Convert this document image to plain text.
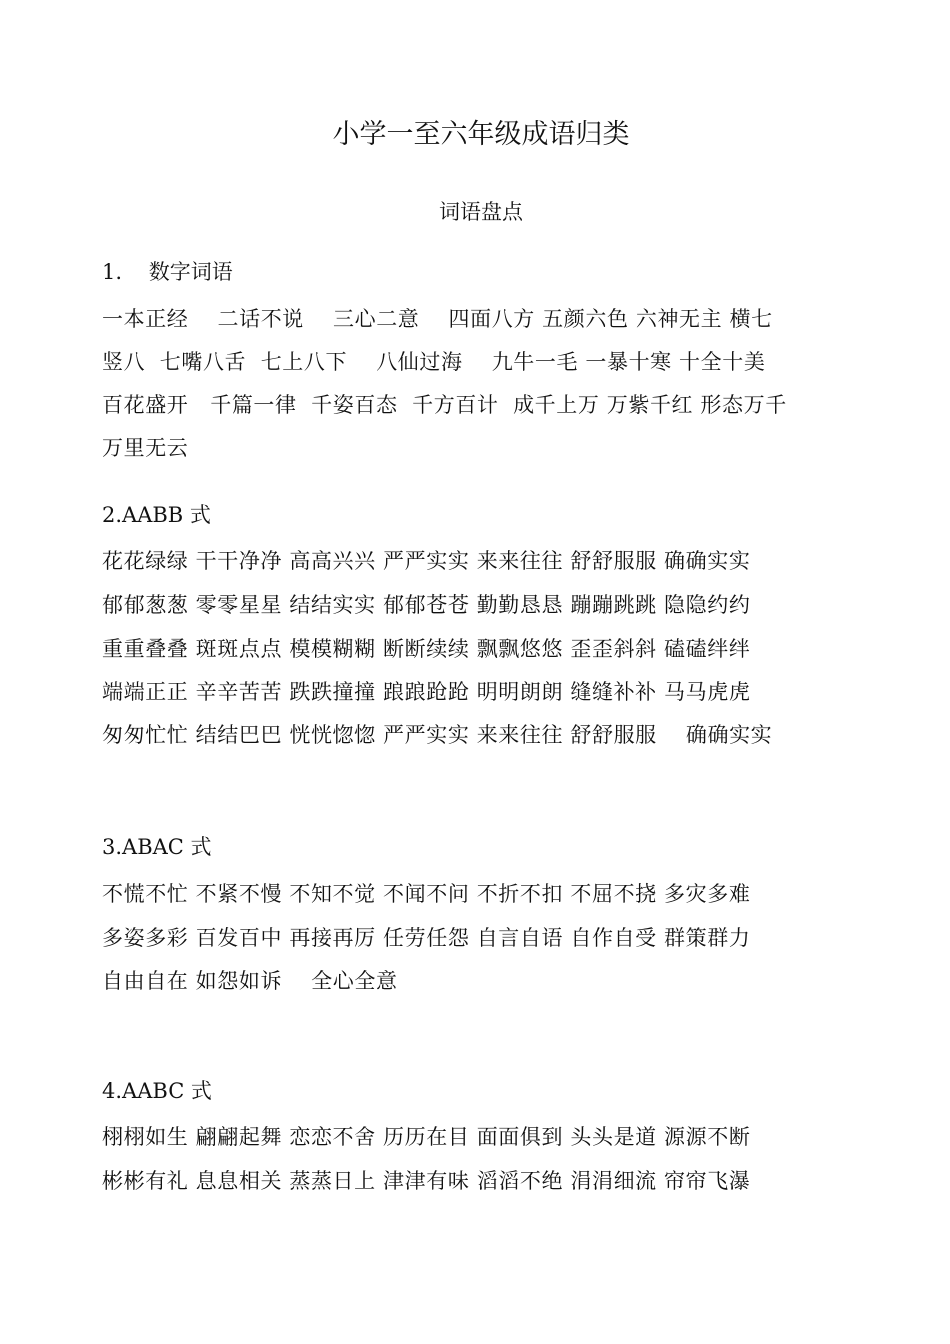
小学一至六年级成语归类
词语盘点
1.    数字词语
一本正经    二话不说    三心二意    四面八方 五颜六色 六神无主 横七
竖八  七嘴八舌  七上八下    八仙过海    九牛一毛 一暴十寒 十全十美
百花盛开   千篇一律  千姿百态  千方百计  成千上万 万紫千红 形态万千
万里无云
2.AABB 式
花花绿绿 干干净净 高高兴兴 严严实实 来来往往 舒舒服服 确确实实
郁郁葱葱 零零星星 结结实实 郁郁苍苍 勤勤恳恳 蹦蹦跳跳 隐隐约约
重重叠叠 斑斑点点 模模糊糊 断断续续 飘飘悠悠 歪歪斜斜 磕磕绊绊
端端正正 辛辛苦苦 跌跌撞撞 踉踉跄跄 明明朗朗 缝缝补补 马马虎虎
匆匆忙忙 结结巴巴 恍恍惚惚 严严实实 来来往往 舒舒服服    确确实实
3.ABAC 式
不慌不忙 不紧不慢 不知不觉 不闻不问 不折不扣 不屈不挠 多灾多难
多姿多彩 百发百中 再接再厉 任劳任怨 自言自语 自作自受 群策群力
自由自在 如怨如诉    全心全意
4.AABC 式
栩栩如生 翩翩起舞 恋恋不舍 历历在目 面面俱到 头头是道 源源不断
彬彬有礼 息息相关 蒸蒸日上 津津有味 滔滔不绝 涓涓细流 帘帘飞瀑
